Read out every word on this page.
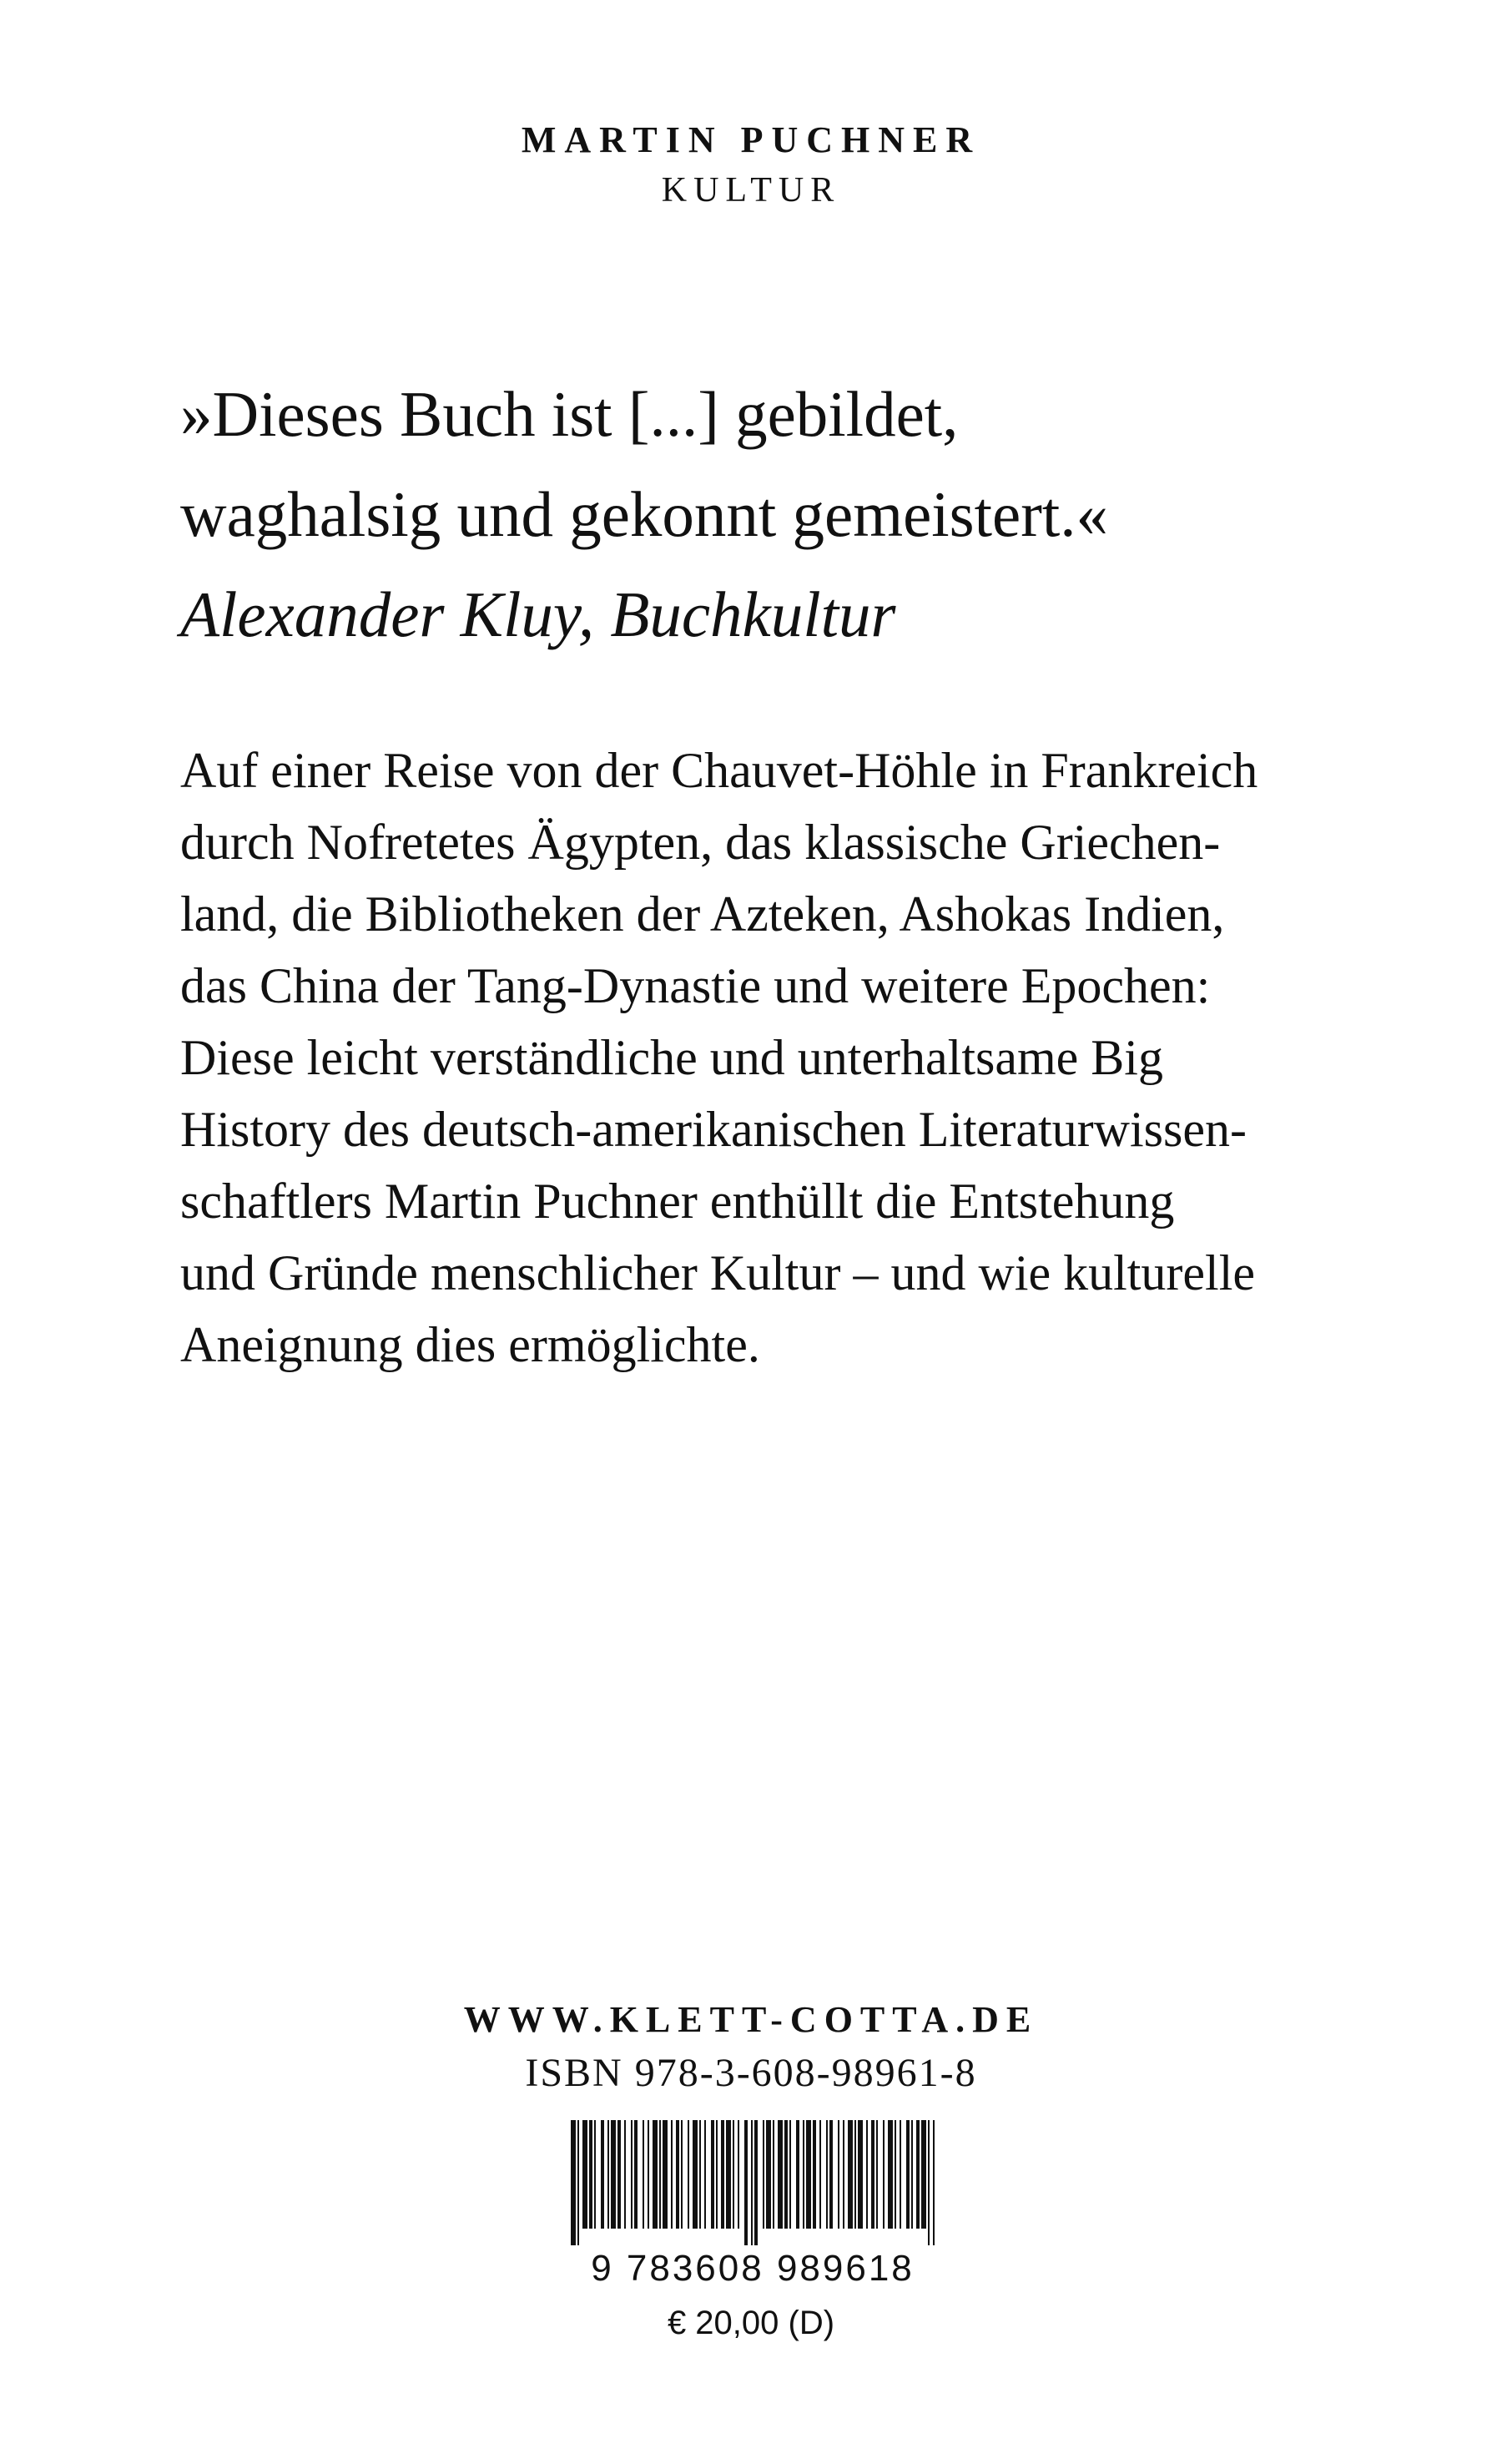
MARTIN PUCHNER
KULTUR

»Dieses Buch ist [...] gebildet,
waghalsig und gekonnt gemeistert.«

Alexander Kluy, Buchkultur

Auf einer Reise von der Chauvet-Höhle in Frankreich
durch Nofretetes Ägypten, das klassische Griechen-
land, die Bibliotheken der Azteken, Ashokas Indien,
das China der Tang-Dynastie und weitere Epochen:
Diese leicht verständliche und unterhaltsame Big
History des deutsch-amerikanischen Literaturwissen-
schaftlers Martin Puchner enthüllt die Entstehung
und Gründe menschlicher Kultur – und wie kulturelle
Aneignung dies ermöglichte.

WWW.KLETT-COTTA.DE
ISBN 978-3-608-98961-8
9 783608 989618
€ 20,00 (D)
